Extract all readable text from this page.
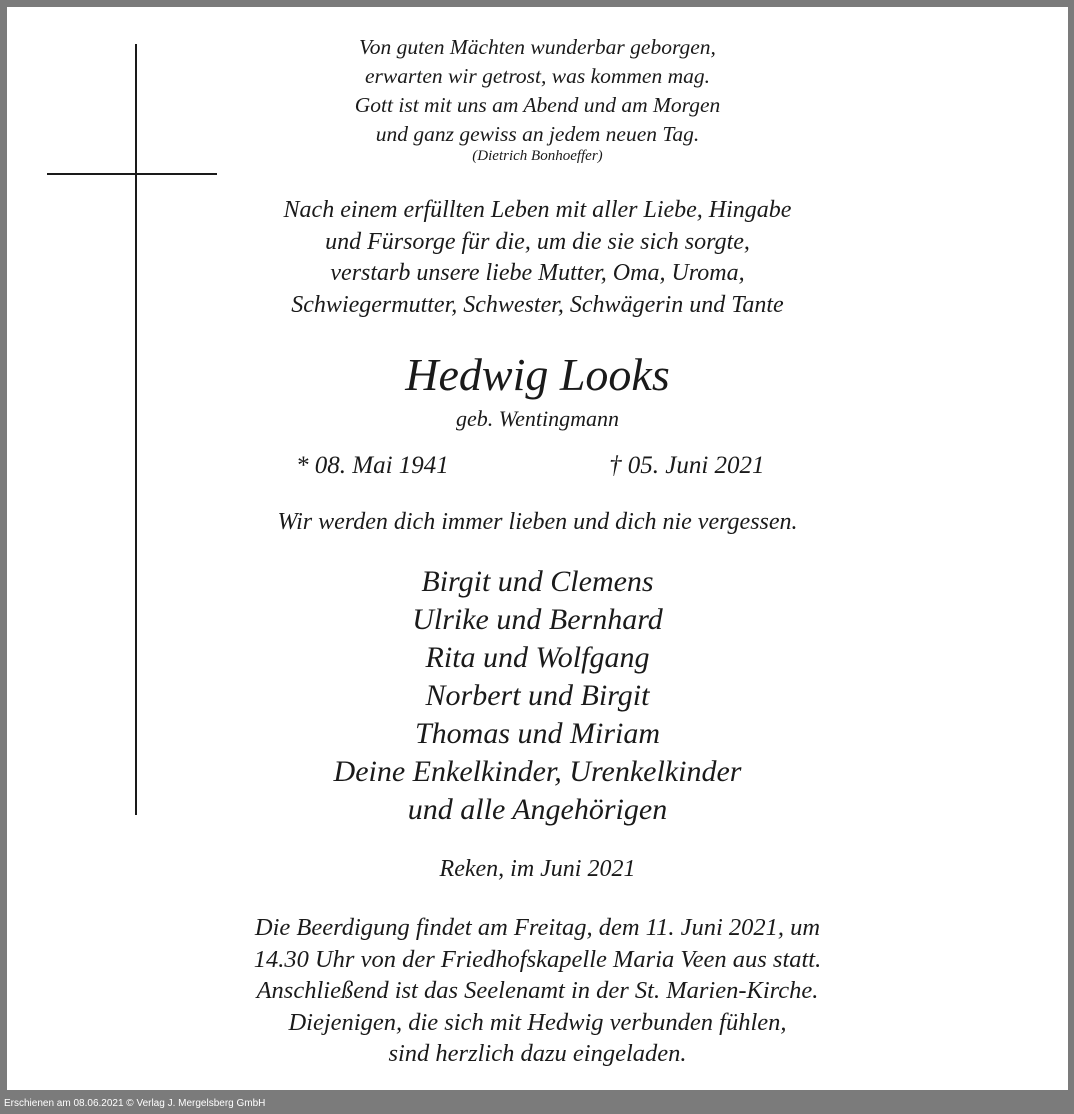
Von guten Mächten wunderbar geborgen,
erwarten wir getrost, was kommen mag.
Gott ist mit uns am Abend und am Morgen
und ganz gewiss an jedem neuen Tag.

(Dietrich Bonhoeffer)

Nach einem erfüllten Leben mit aller Liebe, Hingabe
und Fürsorge für die, um die sie sich sorgte,
verstarb unsere liebe Mutter, Oma, Uroma,
Schwiegermutter, Schwester, Schwägerin und Tante

Hedwig Looks

geb. Wentingmann

* 08. Mai 1941	† 05. Juni 2021

Wir werden dich immer lieben und dich nie vergessen.

Birgit und Clemens
Ulrike und Bernhard
Rita und Wolfgang
Norbert und Birgit
Thomas und Miriam
Deine Enkelkinder, Urenkelkinder
und alle Angehörigen

Reken, im Juni 2021

Die Beerdigung findet am Freitag, dem 11. Juni 2021, um
14.30 Uhr von der Friedhofskapelle Maria Veen aus statt.
Anschließend ist das Seelenamt in der St. Marien-Kirche.
Diejenigen, die sich mit Hedwig verbunden fühlen,
sind herzlich dazu eingeladen.

Erschienen am 08.06.2021 © Verlag J. Mergelsberg GmbH
